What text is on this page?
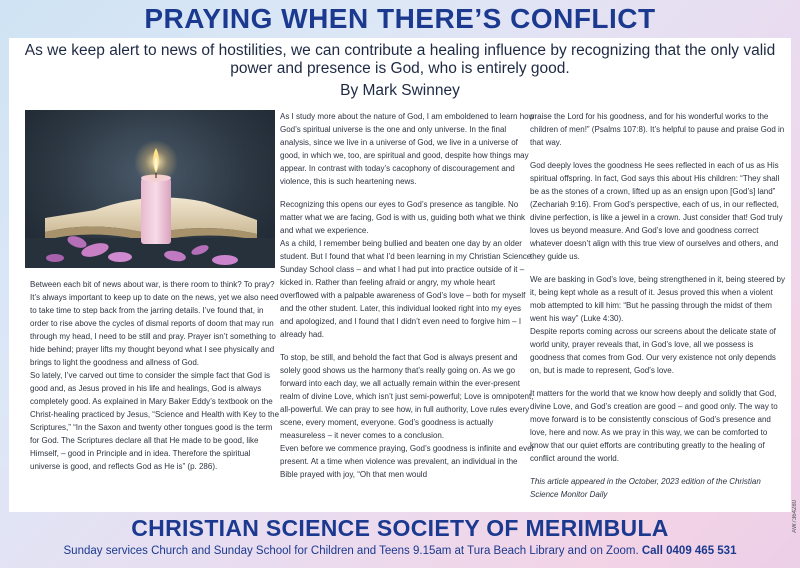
PRAYING WHEN THERE’S CONFLICT
As we keep alert to news of hostilities, we can contribute a healing influence by recognizing that the only valid power and presence is God, who is entirely good.
By Mark Swinney

Between each bit of news about war, is there room to think? To pray? It’s always important to keep up to date on the news, yet we also need to take time to step back from the jarring details. I’ve found that, in order to rise above the cycles of dismal reports of doom that may run through my head, I need to be still and pray. Prayer isn’t something to hide behind; prayer lifts my thought beyond what I see physically and brings to light the goodness and allness of God.

So lately, I’ve carved out time to consider the simple fact that God is good and, as Jesus proved in his life and healings, God is always completely good. As explained in Mary Baker Eddy’s textbook on the Christ-healing practiced by Jesus, “Science and Health with Key to the Scriptures,” “In the Saxon and twenty other tongues good is the term for God. The Scriptures declare all that He made to be good, like Himself, – good in Principle and in idea. Therefore the spiritual universe is good, and reflects God as He is” (p. 286).

As I study more about the nature of God, I am emboldened to learn how God’s spiritual universe is the one and only universe. In the final analysis, since we live in a universe of God, we live in a universe of good, in which we, too, are spiritual and good, despite how things may appear. In contrast with today’s cacophony of discouragement and violence, this is such heartening news.

Recognizing this opens our eyes to God’s presence as tangible. No matter what we are facing, God is with us, guiding both what we think and what we experience.

As a child, I remember being bullied and beaten one day by an older student. But I found that what I’d been learning in my Christian Science Sunday School class – and what I had put into practice outside of it – kicked in. Rather than feeling afraid or angry, my whole heart overflowed with a palpable awareness of God’s love – both for myself and the other student. Later, this individual looked right into my eyes and apologized, and I found that I didn’t even need to forgive him – I already had.

To stop, be still, and behold the fact that God is always present and solely good shows us the harmony that’s really going on. As we go forward into each day, we all actually remain within the ever-present realm of divine Love, which isn’t just semi-powerful; Love is omnipotent, all-powerful. We can pray to see how, in full authority, Love rules every scene, every moment, everyone. God’s goodness is actually measureless – it never comes to a conclusion.

Even before we commence praying, God’s goodness is infinite and ever present. At a time when violence was prevalent, an individual in the Bible prayed with joy, “Oh that men would

praise the Lord for his goodness, and for his wonderful works to the children of men!” (Psalms 107:8). It’s helpful to pause and praise God in that way.

God deeply loves the goodness He sees reflected in each of us as His spiritual offspring. In fact, God says this about His children: “They shall be as the stones of a crown, lifted up as an ensign upon [God’s] land” (Zechariah 9:16). From God’s perspective, each of us, in our reflected, divine perfection, is like a jewel in a crown. Just consider that! God truly loves us beyond measure. And God’s love and goodness correct whatever doesn’t align with this true view of ourselves and others, and they guide us.

We are basking in God’s love, being strengthened in it, being steered by it, being kept whole as a result of it. Jesus proved this when a violent mob attempted to kill him: “But he passing through the midst of them went his way” (Luke 4:30).

Despite reports coming across our screens about the delicate state of world unity, prayer reveals that, in God’s love, all we possess is goodness that comes from God. Our very existence not only depends on, but is made to represent, God’s love.

It matters for the world that we know how deeply and solidly that God, divine Love, and God’s creation are good – and good only. The way to move forward is to be consistently conscious of God’s presence and love, here and now. As we pray in this way, we can be comforted to know that our quiet efforts are contributing greatly to the healing of conflict around the world.

This article appeared in the October, 2023 edition of the Christian Science Monitor Daily

CHRISTIAN SCIENCE SOCIETY OF MERIMBULA
Sunday services Church and Sunday School for Children and Teens 9.15am at Tura Beach Library and on Zoom. Call 0409 465 531
AW7364280
